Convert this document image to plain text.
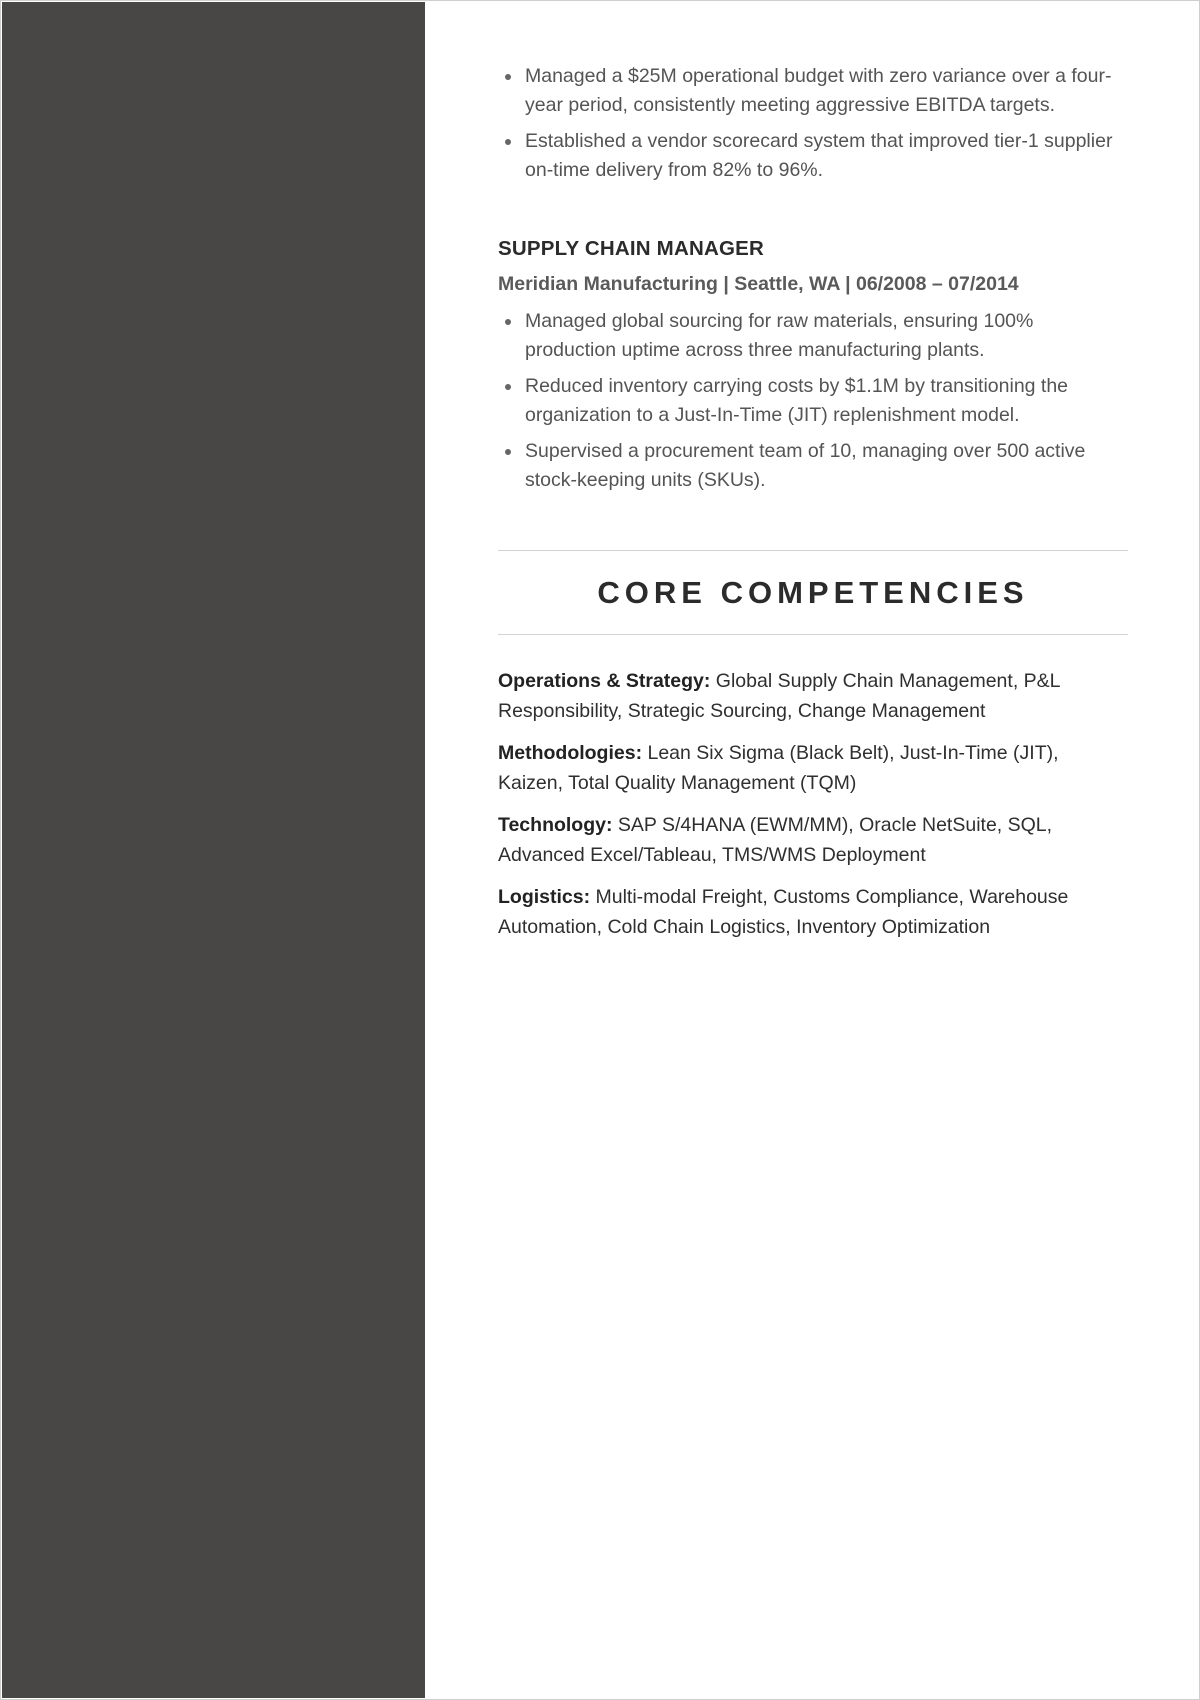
Managed a $25M operational budget with zero variance over a four-year period, consistently meeting aggressive EBITDA targets.
Established a vendor scorecard system that improved tier-1 supplier on-time delivery from 82% to 96%.
SUPPLY CHAIN MANAGER
Meridian Manufacturing | Seattle, WA | 06/2008 – 07/2014
Managed global sourcing for raw materials, ensuring 100% production uptime across three manufacturing plants.
Reduced inventory carrying costs by $1.1M by transitioning the organization to a Just-In-Time (JIT) replenishment model.
Supervised a procurement team of 10, managing over 500 active stock-keeping units (SKUs).
CORE COMPETENCIES
Operations & Strategy: Global Supply Chain Management, P&L Responsibility, Strategic Sourcing, Change Management
Methodologies: Lean Six Sigma (Black Belt), Just-In-Time (JIT), Kaizen, Total Quality Management (TQM)
Technology: SAP S/4HANA (EWM/MM), Oracle NetSuite, SQL, Advanced Excel/Tableau, TMS/WMS Deployment
Logistics: Multi-modal Freight, Customs Compliance, Warehouse Automation, Cold Chain Logistics, Inventory Optimization
